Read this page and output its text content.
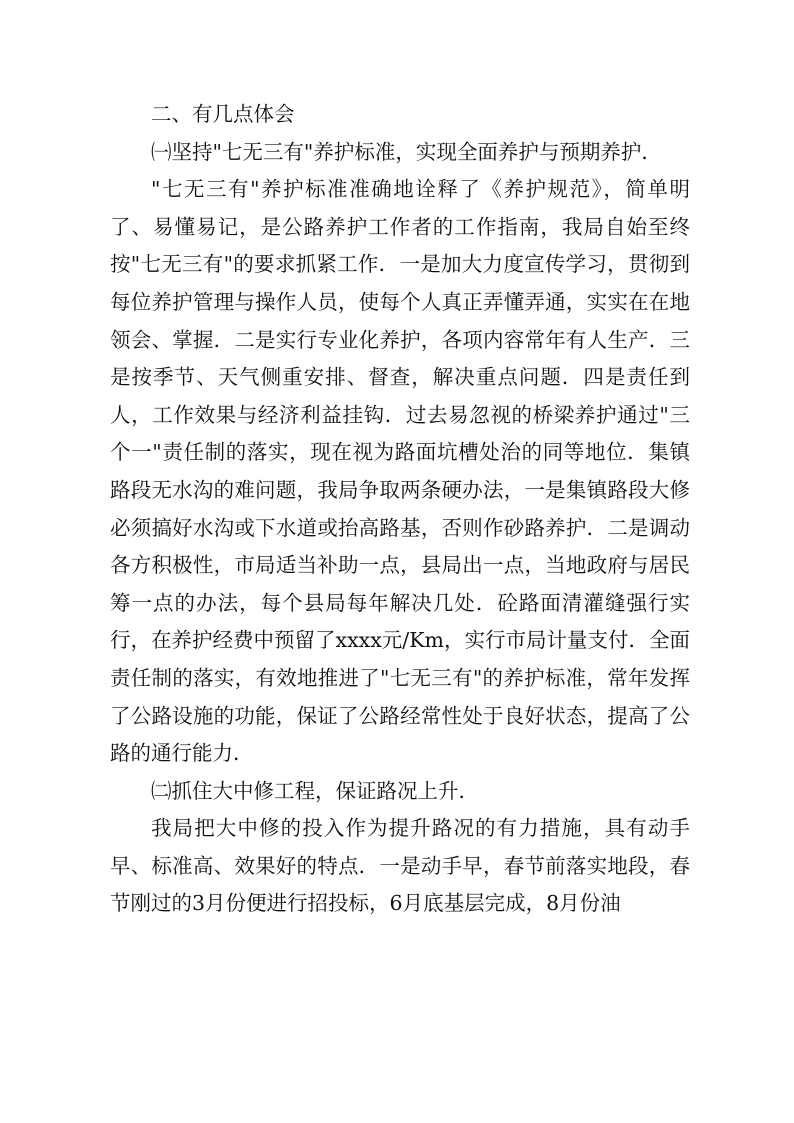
二、有几点体会

㈠坚持"七无三有"养护标准，实现全面养护与预期养护．

"七无三有"养护标准准确地诠释了《养护规范》，简单明了、易懂易记，是公路养护工作者的工作指南，我局自始至终按"七无三有"的要求抓紧工作．一是加大力度宣传学习，贯彻到每位养护管理与操作人员，使每个人真正弄懂弄通，实实在在地领会、掌握．二是实行专业化养护，各项内容常年有人生产．三是按季节、天气侧重安排、督查，解决重点问题．四是责任到人，工作效果与经济利益挂钩．过去易忽视的桥梁养护通过"三个一"责任制的落实，现在视为路面坑槽处治的同等地位．集镇路段无水沟的难问题，我局争取两条硬办法，一是集镇路段大修必须搞好水沟或下水道或抬高路基，否则作砂路养护．二是调动各方积极性，市局适当补助一点，县局出一点，当地政府与居民筹一点的办法，每个县局每年解决几处．砼路面清灌缝强行实行，在养护经费中预留了xxxx元/Km，实行市局计量支付．全面责任制的落实，有效地推进了"七无三有"的养护标准，常年发挥了公路设施的功能，保证了公路经常性处于良好状态，提高了公路的通行能力．

㈡抓住大中修工程，保证路况上升．

我局把大中修的投入作为提升路况的有力措施，具有动手早、标准高、效果好的特点．一是动手早，春节前落实地段，春节刚过的3月份便进行招投标，6月底基层完成，8月份油
